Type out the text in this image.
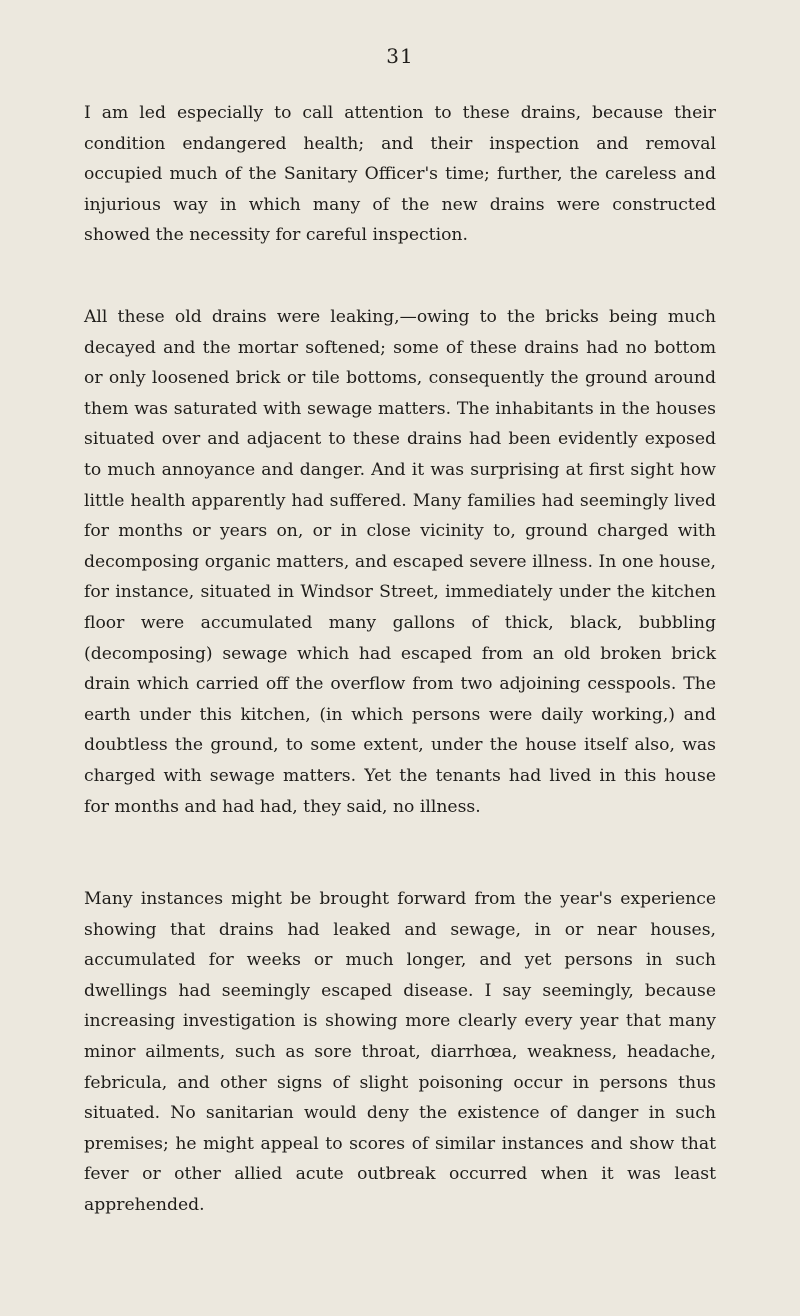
31

I am led especially to call attention to these drains, because their condition endangered health; and their inspection and removal occupied much of the Sanitary Officer's time; further, the careless and injurious way in which many of the new drains were constructed showed the necessity for careful inspection.

All these old drains were leaking,—owing to the bricks being much decayed and the mortar softened; some of these drains had no bottom or only loosened brick or tile bottoms, consequently the ground around them was saturated with sewage matters. The inhabitants in the houses situated over and adjacent to these drains had been evidently exposed to much annoyance and danger. And it was surprising at first sight how little health apparently had suffered. Many families had seemingly lived for months or years on, or in close vicinity to, ground charged with decomposing organic matters, and escaped severe illness. In one house, for instance, situated in Windsor Street, immediately under the kitchen floor were accumulated many gallons of thick, black, bubbling (decomposing) sewage which had escaped from an old broken brick drain which carried off the overflow from two adjoining cesspools. The earth under this kitchen, (in which persons were daily working,) and doubtless the ground, to some extent, under the house itself also, was charged with sewage matters. Yet the tenants had lived in this house for months and had had, they said, no illness.

Many instances might be brought forward from the year's experience showing that drains had leaked and sewage, in or near houses, accumulated for weeks or much longer, and yet persons in such dwellings had seemingly escaped disease. I say seemingly, because increasing investigation is showing more clearly every year that many minor ailments, such as sore throat, diarrhœa, weakness, headache, febricula, and other signs of slight poisoning occur in persons thus situated. No sanitarian would deny the existence of danger in such premises; he might appeal to scores of similar instances and show that fever or other allied acute outbreak occurred when it was least apprehended.
